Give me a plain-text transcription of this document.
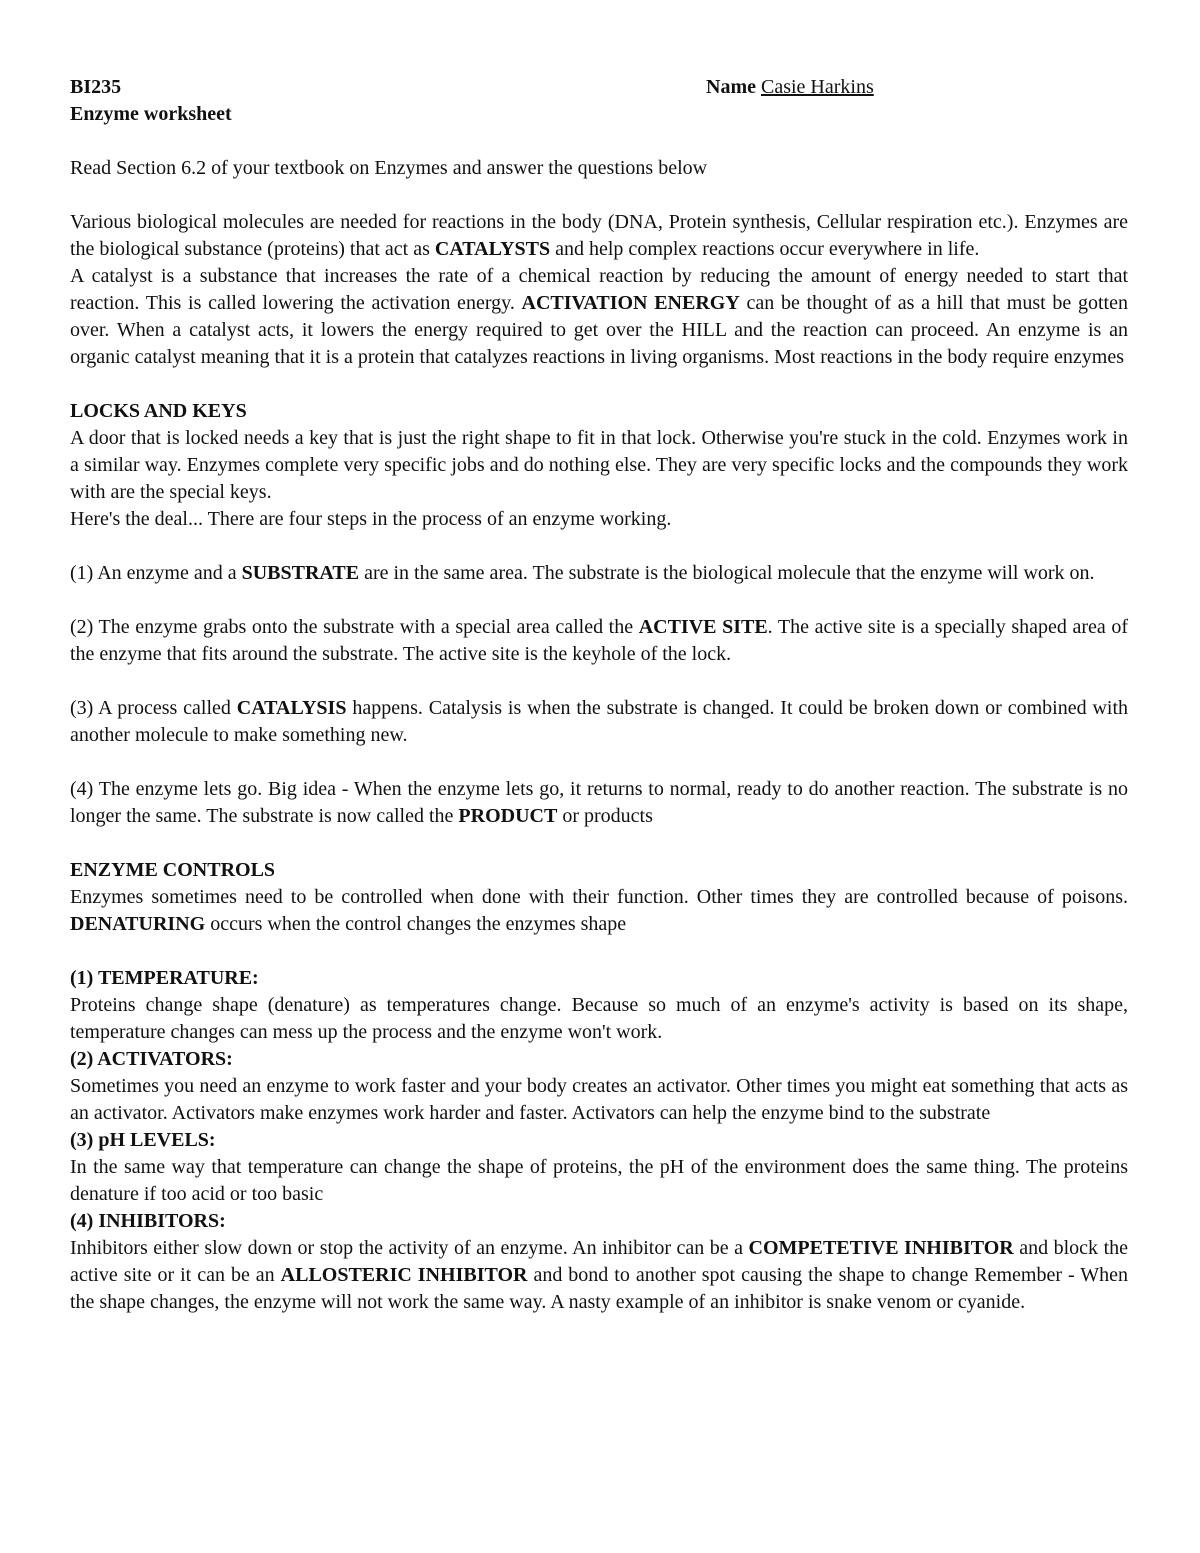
BI235	Name Casie Harkins
Enzyme worksheet

Read Section 6.2 of your textbook on Enzymes and answer the questions below

Various biological molecules are needed for reactions in the body (DNA, Protein synthesis, Cellular respiration etc.). Enzymes are the biological substance (proteins) that act as CATALYSTS and help complex reactions occur everywhere in life.

A catalyst is a substance that increases the rate of a chemical reaction by reducing the amount of energy needed to start that reaction. This is called lowering the activation energy. ACTIVATION ENERGY can be thought of as a hill that must be gotten over. When a catalyst acts, it lowers the energy required to get over the HILL and the reaction can proceed. An enzyme is an organic catalyst meaning that it is a protein that catalyzes reactions in living organisms. Most reactions in the body require enzymes

LOCKS AND KEYS

A door that is locked needs a key that is just the right shape to fit in that lock. Otherwise you're stuck in the cold. Enzymes work in a similar way. Enzymes complete very specific jobs and do nothing else. They are very specific locks and the compounds they work with are the special keys.

Here's the deal... There are four steps in the process of an enzyme working.

(1) An enzyme and a SUBSTRATE are in the same area. The substrate is the biological molecule that the enzyme will work on.

(2) The enzyme grabs onto the substrate with a special area called the ACTIVE SITE. The active site is a specially shaped area of the enzyme that fits around the substrate. The active site is the keyhole of the lock.

(3) A process called CATALYSIS happens. Catalysis is when the substrate is changed. It could be broken down or combined with another molecule to make something new.

(4) The enzyme lets go. Big idea - When the enzyme lets go, it returns to normal, ready to do another reaction. The substrate is no longer the same. The substrate is now called the PRODUCT or products

ENZYME CONTROLS

Enzymes sometimes need to be controlled when done with their function. Other times they are controlled because of poisons. DENATURING occurs when the control changes the enzymes shape

(1) TEMPERATURE:

Proteins change shape (denature) as temperatures change. Because so much of an enzyme's activity is based on its shape, temperature changes can mess up the process and the enzyme won't work.

(2) ACTIVATORS:

Sometimes you need an enzyme to work faster and your body creates an activator. Other times you might eat something that acts as an activator. Activators make enzymes work harder and faster. Activators can help the enzyme bind to the substrate

(3) pH LEVELS:

In the same way that temperature can change the shape of proteins, the pH of the environment does the same thing. The proteins denature if too acid or too basic

(4) INHIBITORS:

Inhibitors either slow down or stop the activity of an enzyme. An inhibitor can be a COMPETETIVE INHIBITOR and block the active site or it can be an ALLOSTERIC INHIBITOR and bond to another spot causing the shape to change Remember - When the shape changes, the enzyme will not work the same way. A nasty example of an inhibitor is snake venom or cyanide.
